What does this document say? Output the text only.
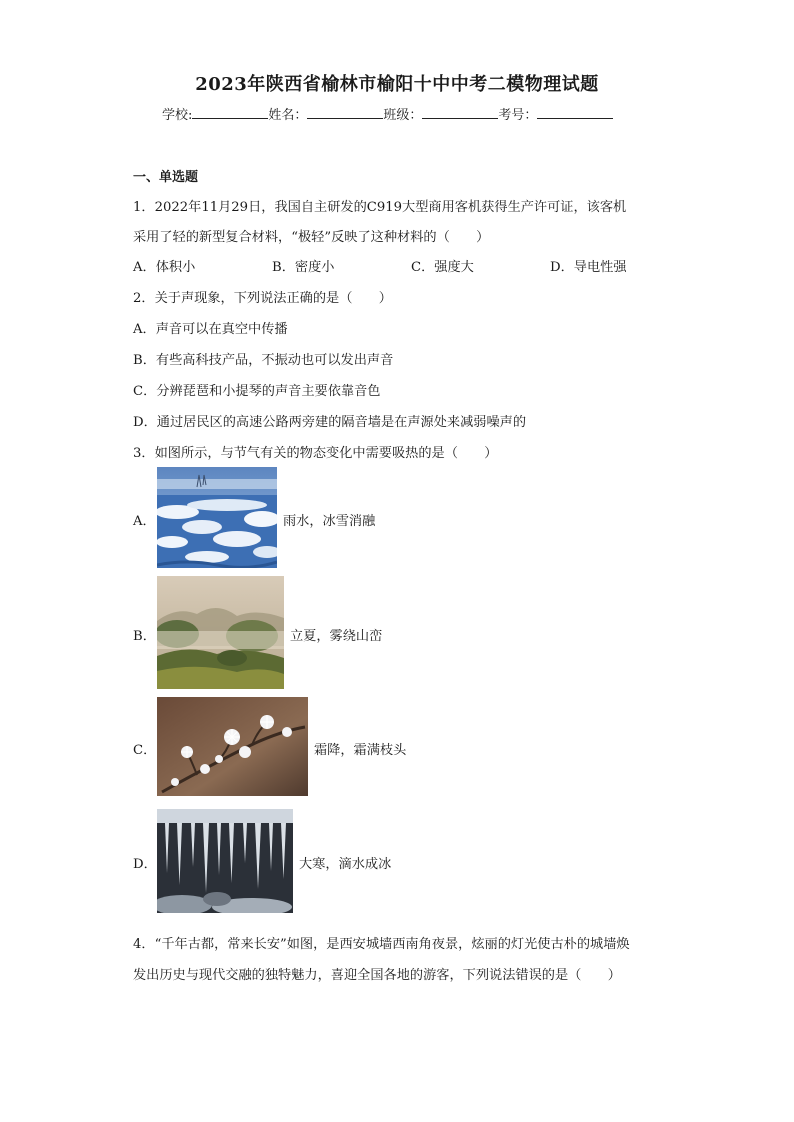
2023年陕西省榆林市榆阳十中中考二模物理试题
学校:	姓名：	班级：	考号：
一、单选题
1．2022年11月29日，我国自主研发的C919大型商用客机获得生产许可证，该客机
采用了轻的新型复合材料，“极轻”反映了这种材料的（　　）
A．体积小	B．密度小	C．强度大	D．导电性强
2．关于声现象，下列说法正确的是（　　）
A．声音可以在真空中传播
B．有些高科技产品，不振动也可以发出声音
C．分辨琵琶和小提琴的声音主要依靠音色
D．通过居民区的高速公路两旁建的隔音墙是在声源处来减弱噪声的
3．如图所示，与节气有关的物态变化中需要吸热的是（　　）
A．	雨水，冰雪消融
B．	立夏，雾绕山峦
C．	霜降，霜满枝头
D．	大寒，滴水成冰
4．“千年古都，常来长安”如图，是西安城墙西南角夜景，炫丽的灯光使古朴的城墙焕
发出历史与现代交融的独特魅力，喜迎全国各地的游客，下列说法错误的是（　　）
